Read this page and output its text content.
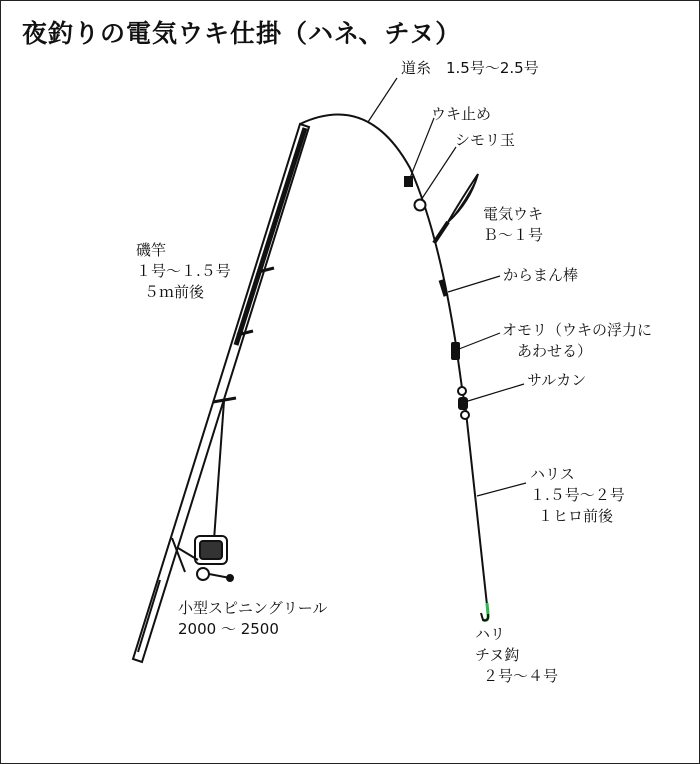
夜釣りの電気ウキ仕掛（ハネ、チヌ）
道糸　1.5号～2.5号
ウキ止め
シモリ玉
電気ウキ
Ｂ～１号
からまん棒
オモリ（ウキの浮力に
あわせる）
サルカン
ハリス
１.５号～２号
１ヒロ前後
磯竿
１号～１.５号
５ｍ前後
小型スピニングリール
2000 ～ 2500	ハリ
チヌ鈎
２号～４号
